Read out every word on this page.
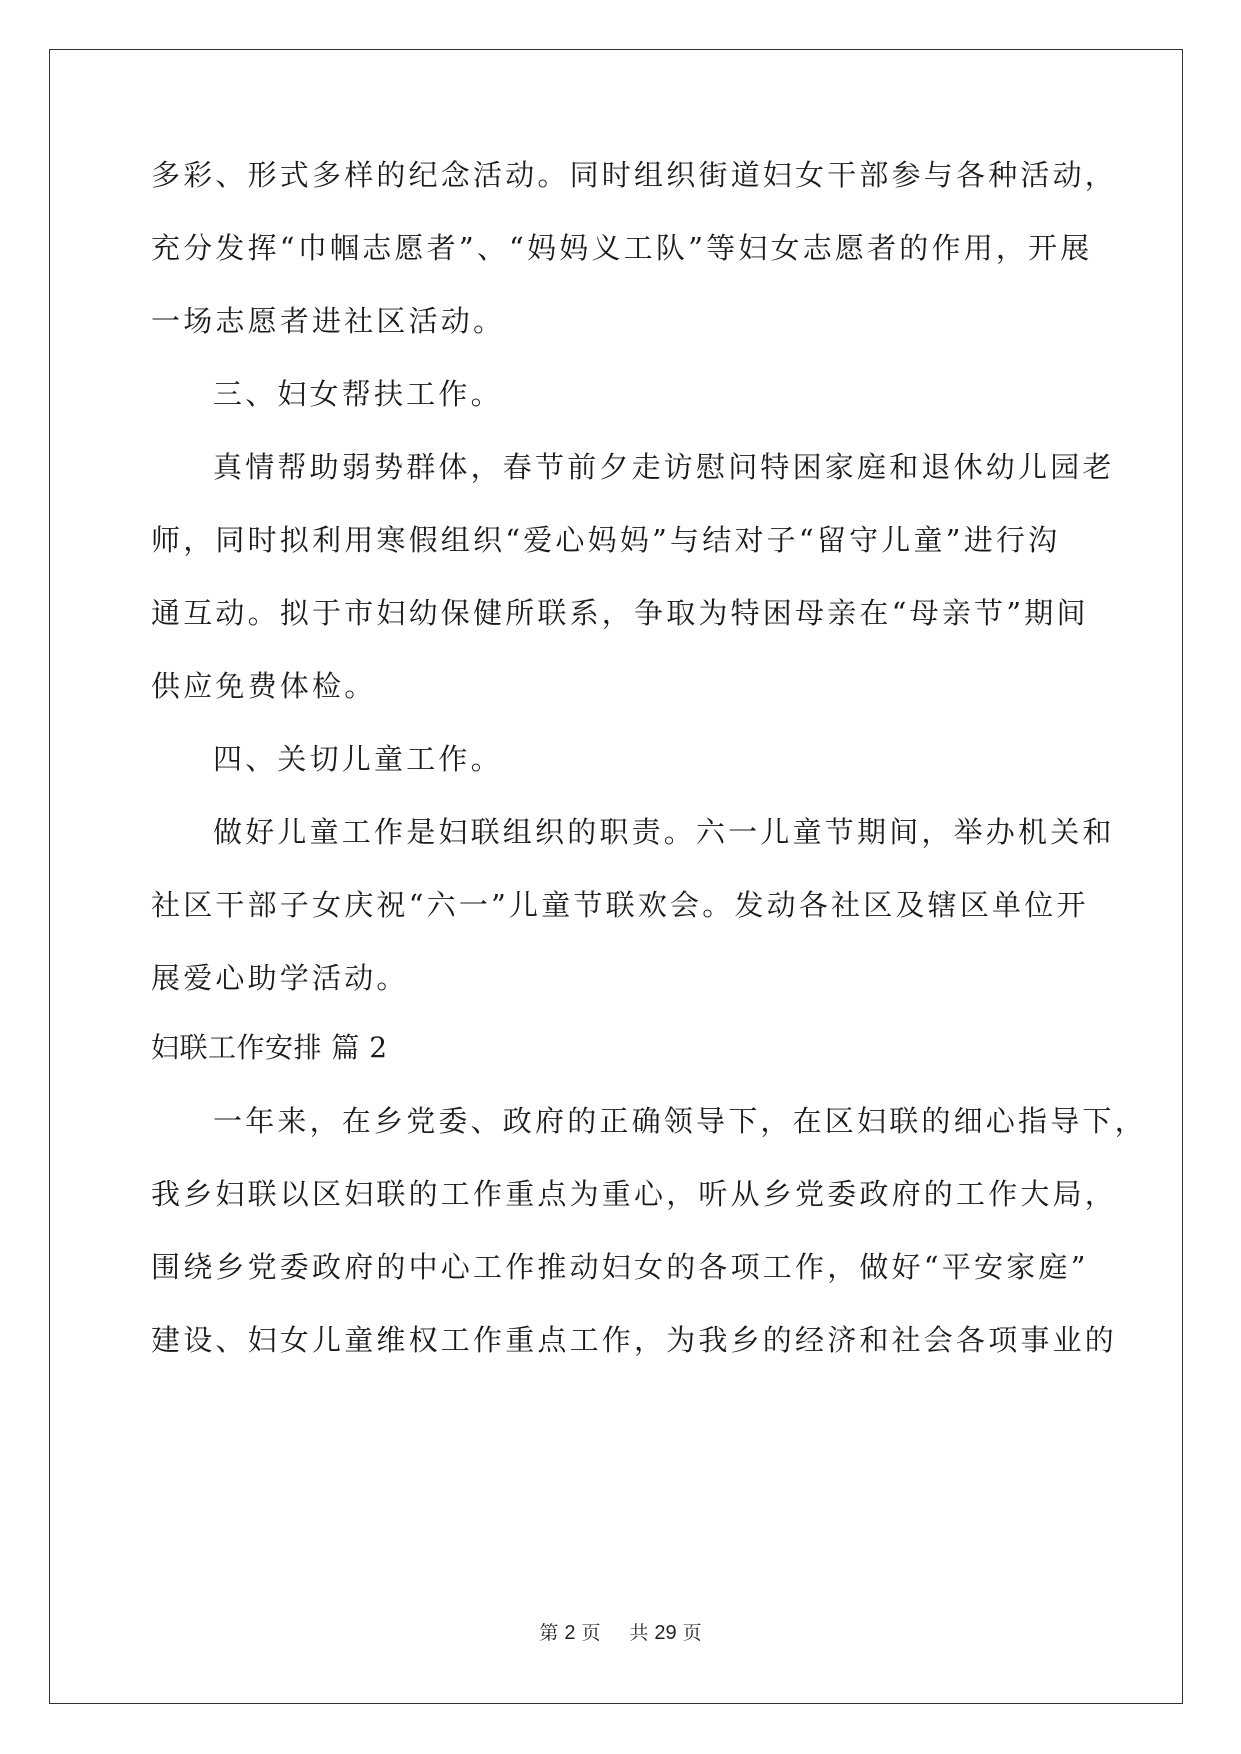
多彩、形式多样的纪念活动。同时组织街道妇女干部参与各种活动，
充分发挥“巾帼志愿者”、“妈妈义工队”等妇女志愿者的作用，开展
一场志愿者进社区活动。
三、妇女帮扶工作。
真情帮助弱势群体，春节前夕走访慰问特困家庭和退休幼儿园老
师，同时拟利用寒假组织“爱心妈妈”与结对子“留守儿童”进行沟
通互动。拟于市妇幼保健所联系，争取为特困母亲在“母亲节”期间
供应免费体检。
四、关切儿童工作。
做好儿童工作是妇联组织的职责。六一儿童节期间，举办机关和
社区干部子女庆祝“六一”儿童节联欢会。发动各社区及辖区单位开
展爱心助学活动。
妇联工作安排 篇 2
一年来，在乡党委、政府的正确领导下，在区妇联的细心指导下，
我乡妇联以区妇联的工作重点为重心，听从乡党委政府的工作大局，
围绕乡党委政府的中心工作推动妇女的各项工作，做好“平安家庭”
建设、妇女儿童维权工作重点工作，为我乡的经济和社会各项事业的
第 2 页 共 29 页
